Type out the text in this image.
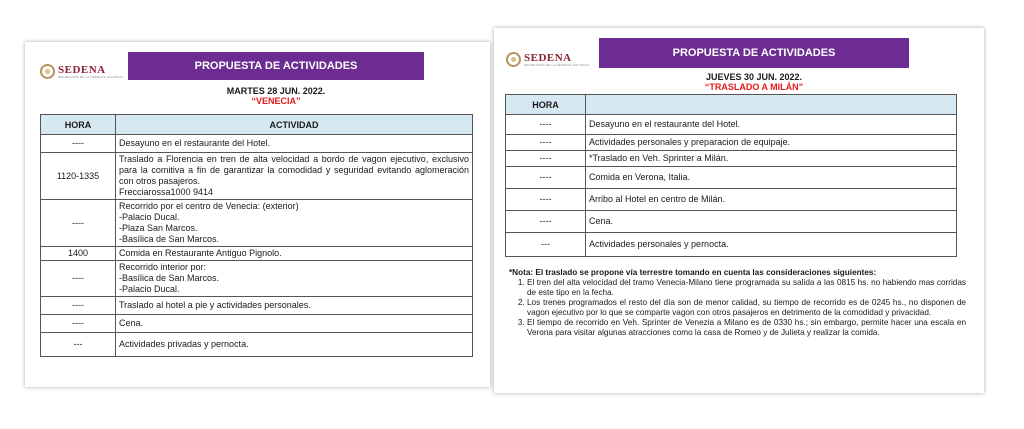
SEDENA
SECRETARÍA DE LA DEFENSA NACIONAL
PROPUESTA DE ACTIVIDADES
MARTES 28 JUN. 2022.
“VENECIA”
HORA	ACTIVIDAD
----	Desayuno en el restaurante del Hotel.

1120-1335	Traslado a Florencia en tren de alta velocidad a bordo de vagon ejecutivo, exclusivo para la comitiva a fin de garantizar la comodidad y seguridad evitando aglomeración con otros pasajeros.
Frecciarossa1000 9414

----	Recorrido por el centro de Venecia: (exterior)
-Palacio Ducal.
-Plaza San Marcos.
-Basílica de San Marcos.

1400	Comida en Restaurante Antiguo Pignolo.

----	Recorrido interior por:
-Basílica de San Marcos.
-Palacio Ducal.

----	Traslado al hotel a pie y actividades personales.

----	Cena.

---	Actividades privadas y pernocta.
SEDENA
SECRETARÍA DE LA DEFENSA NACIONAL
PROPUESTA DE ACTIVIDADES
JUEVES 30 JUN. 2022.
“TRASLADO A MILÁN”
HORA	
----	Desayuno en el restaurante del Hotel.

----	Actividades personales y preparacion de equipaje.

----	*Traslado en Veh. Sprinter a Milán.

----	Comida en Verona, Italia.

----	Arribo al Hotel en centro de Milán.

----	Cena.

---	Actividades personales y pernocta.
*Nota: El traslado se propone vía terrestre tomando en cuenta las consideraciones siguientes:
1. El tren del alta velocidad del tramo Venecia-Milano tiene programada su salida a las 0815 hs. no habiendo mas corridas de este tipo en la fecha.
2. Los trenes programados el resto del día son de menor calidad, su tiempo de recorrido es de 0245 hs., no disponen de vagon ejecutivo por lo que se comparte vagon con otros pasajeros en detrimento de la comodidad y privacidad.
3. El tiempo de recorrido en Veh. Sprinter de Venezia a Milano es de 0330 hs.; sin embargo, permite hacer una escala en Verona para visitar algunas atracciones como la casa de Romeo y de Julieta y realizar la comida.
